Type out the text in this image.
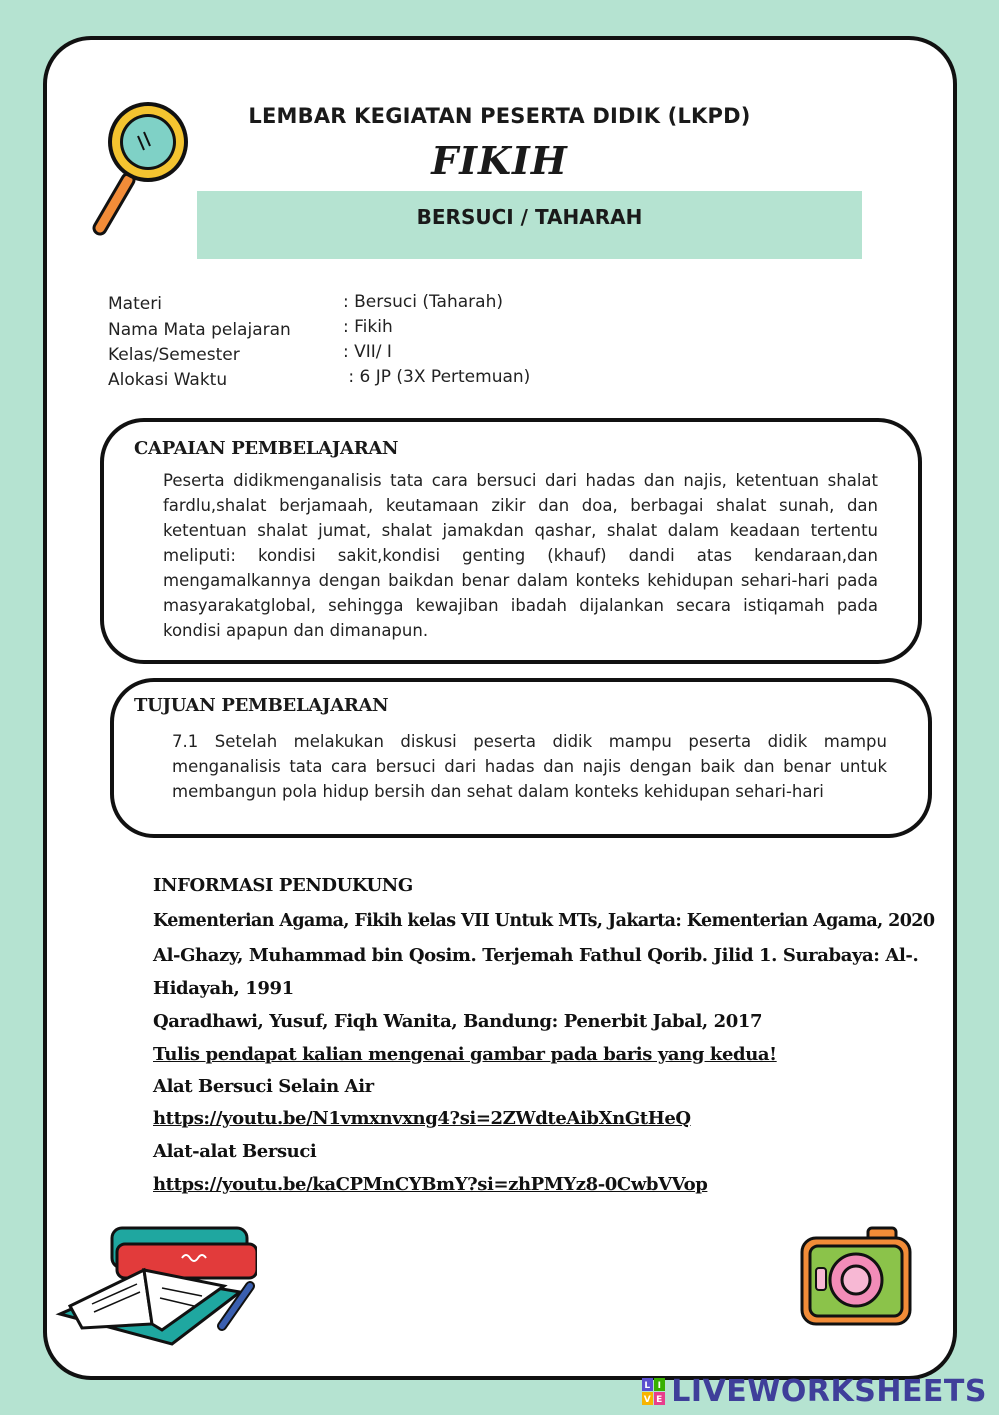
LEMBAR KEGIATAN PESERTA DIDIK (LKPD)
FIKIH
BERSUCI / TAHARAH
Materi	: Bersuci (Taharah)
Nama Mata pelajaran	: Fikih
Kelas/Semester	: VII/ I
Alokasi Waktu	: 6 JP (3X Pertemuan)
CAPAIAN PEMBELAJARAN
Peserta didikmenganalisis tata cara bersuci dari hadas dan najis, ketentuan shalat fardlu,shalat berjamaah, keutamaan zikir dan doa, berbagai shalat sunah, dan ketentuan shalat jumat, shalat jamakdan qashar, shalat dalam keadaan tertentu meliputi: kondisi sakit,kondisi genting (khauf) dandi atas kendaraan,dan mengamalkannya dengan baikdan benar dalam konteks kehidupan sehari-hari pada masyarakatglobal, sehingga kewajiban ibadah dijalankan secara istiqamah pada kondisi apapun dan dimanapun.
TUJUAN PEMBELAJARAN
7.1 Setelah melakukan diskusi peserta didik mampu peserta didik mampu menganalisis tata cara bersuci dari hadas dan najis dengan baik dan benar untuk membangun pola hidup bersih dan sehat dalam konteks kehidupan sehari-hari
INFORMASI PENDUKUNG
Kementerian Agama, Fikih kelas VII Untuk MTs, Jakarta: Kementerian Agama, 2020
Al-Ghazy, Muhammad bin Qosim. Terjemah Fathul Qorib. Jilid 1. Surabaya: Al-.
Hidayah, 1991
Qaradhawi, Yusuf, Fiqh Wanita, Bandung: Penerbit Jabal, 2017
Tulis pendapat kalian mengenai gambar pada baris yang kedua!
Alat Bersuci Selain Air
https://youtu.be/N1vmxnvxng4?si=2ZWdteAibXnGtHeQ
Alat-alat Bersuci
https://youtu.be/kaCPMnCYBmY?si=zhPMYz8-0CwbVVop
L I
V E LIVEWORKSHEETS
